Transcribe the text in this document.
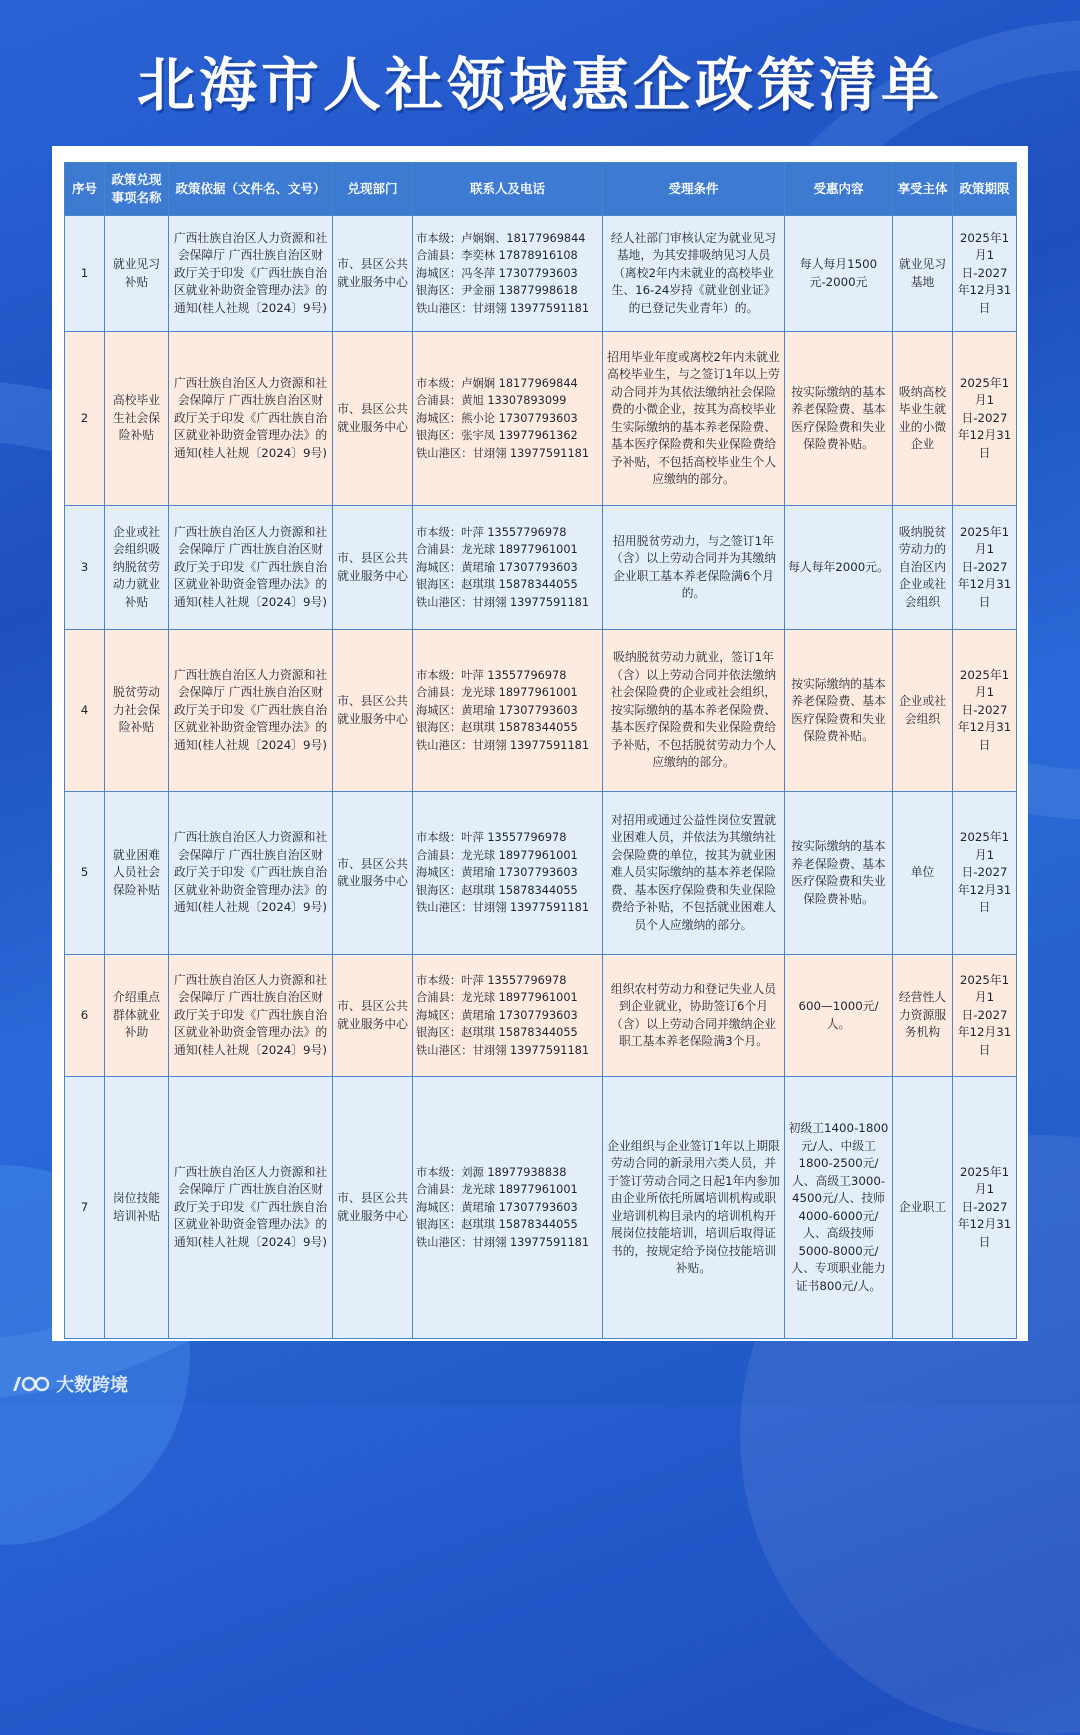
北海市人社领域惠企政策清单
序号	政策兑现事项名称	政策依据（文件名、文号）	兑现部门	联系人及电话	受理条件	受惠内容	享受主体	政策期限
1	就业见习补贴	广西壮族自治区人力资源和社会保障厅 广西壮族自治区财政厅关于印发《广西壮族自治区就业补助资金管理办法》的通知(桂人社规〔2024〕9号)	市、县区公共就业服务中心	市本级：卢娴娴、18177969844
合浦县：李奕林 17878916108
海城区：冯冬萍 17307793603
银海区：尹金丽 13877998618
铁山港区：甘翊翎 13977591181	经人社部门审核认定为就业见习基地，为其安排吸纳见习人员（离校2年内未就业的高校毕业生、16-24岁持《就业创业证》的已登记失业青年）的。	每人每月1500元-2000元	就业见习基地	2025年1月1日-2027年12月31日
2	高校毕业生社会保险补贴	广西壮族自治区人力资源和社会保障厅 广西壮族自治区财政厅关于印发《广西壮族自治区就业补助资金管理办法》的通知(桂人社规〔2024〕9号)	市、县区公共就业服务中心	市本级：卢娴娴 18177969844
合浦县：黄旭 13307893099
海城区：熊小论 17307793603
银海区：张宇凤 13977961362
铁山港区：甘翊翎 13977591181	招用毕业年度或离校2年内未就业高校毕业生，与之签订1年以上劳动合同并为其依法缴纳社会保险费的小微企业，按其为高校毕业生实际缴纳的基本养老保险费、基本医疗保险费和失业保险费给予补贴，不包括高校毕业生个人应缴纳的部分。	按实际缴纳的基本养老保险费、基本医疗保险费和失业保险费补贴。	吸纳高校毕业生就业的小微企业	2025年1月1日-2027年12月31日
3	企业或社会组织吸纳脱贫劳动力就业补贴	广西壮族自治区人力资源和社会保障厅 广西壮族自治区财政厅关于印发《广西壮族自治区就业补助资金管理办法》的通知(桂人社规〔2024〕9号)	市、县区公共就业服务中心	市本级：叶萍 13557796978
合浦县：龙光球 18977961001
海城区：黄珺瑜 17307793603
银海区：赵琪琪 15878344055
铁山港区：甘翊翎 13977591181	招用脱贫劳动力，与之签订1年（含）以上劳动合同并为其缴纳企业职工基本养老保险满6个月的。	每人每年2000元。	吸纳脱贫劳动力的自治区内企业或社会组织	2025年1月1日-2027年12月31日
4	脱贫劳动力社会保险补贴	广西壮族自治区人力资源和社会保障厅 广西壮族自治区财政厅关于印发《广西壮族自治区就业补助资金管理办法》的通知(桂人社规〔2024〕9号)	市、县区公共就业服务中心	市本级：叶萍 13557796978
合浦县：龙光球 18977961001
海城区：黄珺瑜 17307793603
银海区：赵琪琪 15878344055
铁山港区：甘翊翎 13977591181	吸纳脱贫劳动力就业，签订1年（含）以上劳动合同并依法缴纳社会保险费的企业或社会组织，按实际缴纳的基本养老保险费、基本医疗保险费和失业保险费给予补贴，不包括脱贫劳动力个人应缴纳的部分。	按实际缴纳的基本养老保险费、基本医疗保险费和失业保险费补贴。	企业或社会组织	2025年1月1日-2027年12月31日
5	就业困难人员社会保险补贴	广西壮族自治区人力资源和社会保障厅 广西壮族自治区财政厅关于印发《广西壮族自治区就业补助资金管理办法》的通知(桂人社规〔2024〕9号)	市、县区公共就业服务中心	市本级：叶萍 13557796978
合浦县：龙光球 18977961001
海城区：黄珺瑜 17307793603
银海区：赵琪琪 15878344055
铁山港区：甘翊翎 13977591181	对招用或通过公益性岗位安置就业困难人员，并依法为其缴纳社会保险费的单位，按其为就业困难人员实际缴纳的基本养老保险费、基本医疗保险费和失业保险费给予补贴，不包括就业困难人员个人应缴纳的部分。	按实际缴纳的基本养老保险费、基本医疗保险费和失业保险费补贴。	单位	2025年1月1日-2027年12月31日
6	介绍重点群体就业补助	广西壮族自治区人力资源和社会保障厅 广西壮族自治区财政厅关于印发《广西壮族自治区就业补助资金管理办法》的通知(桂人社规〔2024〕9号)	市、县区公共就业服务中心	市本级：叶萍 13557796978
合浦县：龙光球 18977961001
海城区：黄珺瑜 17307793603
银海区：赵琪琪 15878344055
铁山港区：甘翊翎 13977591181	组织农村劳动力和登记失业人员到企业就业，协助签订6个月（含）以上劳动合同并缴纳企业职工基本养老保险满3个月。	600—1000元/人。	经营性人力资源服务机构	2025年1月1日-2027年12月31日
7	岗位技能培训补贴	广西壮族自治区人力资源和社会保障厅 广西壮族自治区财政厅关于印发《广西壮族自治区就业补助资金管理办法》的通知(桂人社规〔2024〕9号)	市、县区公共就业服务中心	市本级：刘源 18977938838
合浦县：龙光球 18977961001
海城区：黄珺瑜 17307793603
银海区：赵琪琪 15878344055
铁山港区：甘翊翎 13977591181	企业组织与企业签订1年以上期限劳动合同的新录用六类人员，并于签订劳动合同之日起1年内参加由企业所依托所属培训机构或职业培训机构目录内的培训机构开展岗位技能培训，培训后取得证书的，按规定给予岗位技能培训补贴。	初级工1400-1800元/人、中级工1800-2500元/人、高级工3000-4500元/人、技师4000-6000元/人、高级技师5000-8000元/人、专项职业能力证书800元/人。	企业职工	2025年1月1日-2027年12月31日
大数跨境
